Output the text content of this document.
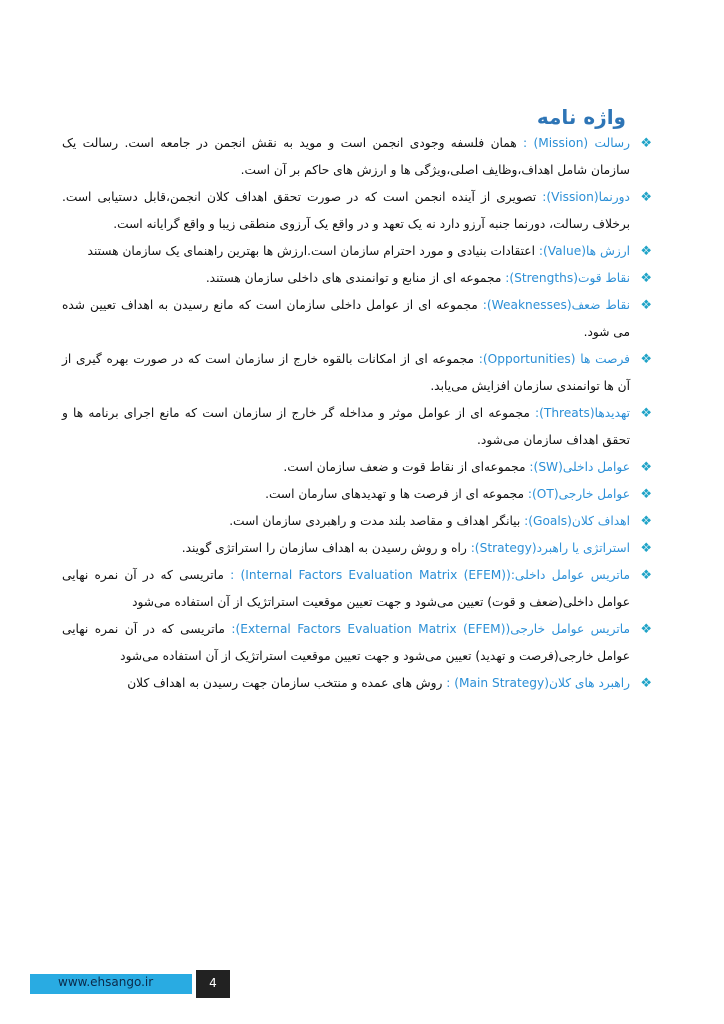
واژه نامه
❖
رسالت (Mission) : همان فلسفه وجودی انجمن است و موید به نقش انجمن در جامعه است. رسالت یک سازمان شامل اهداف،وظایف اصلی،ویژگی ها و ارزش های حاکم بر آن است.
❖
دورنما(Vission): تصویری از آینده انجمن است که در صورت تحقق اهداف کلان انجمن،قابل دستیابی است. برخلاف رسالت، دورنما جنبه آرزو دارد نه یک تعهد و در واقع یک آرزوی منطقی زیبا و واقع گرایانه است.
❖
ارزش ها(Value): اعتقادات بنیادی و مورد احترام سازمان است.ارزش ها بهترین راهنمای یک سازمان هستند
❖
نقاط قوت(Strengths): مجموعه ای از منابع و توانمندی های داخلی سازمان هستند.
❖
نقاط ضعف(Weaknesses): مجموعه ای از عوامل داخلی سازمان است که مانع رسیدن به اهداف تعیین شده می شود.
❖
فرصت ها (Opportunities): مجموعه ای از امکانات بالقوه خارج از سازمان است که در صورت بهره گیری از آن ها توانمندی سازمان افزایش می‌یابد.
❖
تهدیدها(Threats): مجموعه ای از عوامل موثر و مداخله گر خارج از سازمان است که مانع اجرای برنامه ها و تحقق اهداف سازمان می‌شود.
❖
عوامل داخلی(SW): مجموعه‌ای از نقاط قوت و ضعف سازمان است.
❖
عوامل خارجی(OT): مجموعه ای از فرصت ها و تهدیدهای سارمان است.
❖
اهداف کلان(Goals): بیانگر اهداف و مقاصد بلند مدت و راهبردی سازمان است.
❖
استراتژی یا راهبرد(Strategy): راه و روش رسیدن به اهداف سازمان را استراتژی گویند.
❖
ماتریس عوامل داخلی:(Internal Factors Evaluation Matrix (EFEM)) : ماتریسی که در آن نمره نهایی عوامل داخلی(ضعف و قوت) تعیین می‌شود و جهت تعیین موقعیت استراتژیک از آن استفاده می‌شود
❖
ماتریس عوامل خارجی(External Factors Evaluation Matrix (EFEM)): ماتریسی که در آن نمره نهایی عوامل خارجی(فرصت و تهدید) تعیین می‌شود و جهت تعیین موقعیت استراتژیک از آن استفاده می‌شود
❖
راهبرد های کلان(Main Strategy) : روش های عمده و منتخب سازمان جهت رسیدن به اهداف کلان
www.ehsango.ir	4
